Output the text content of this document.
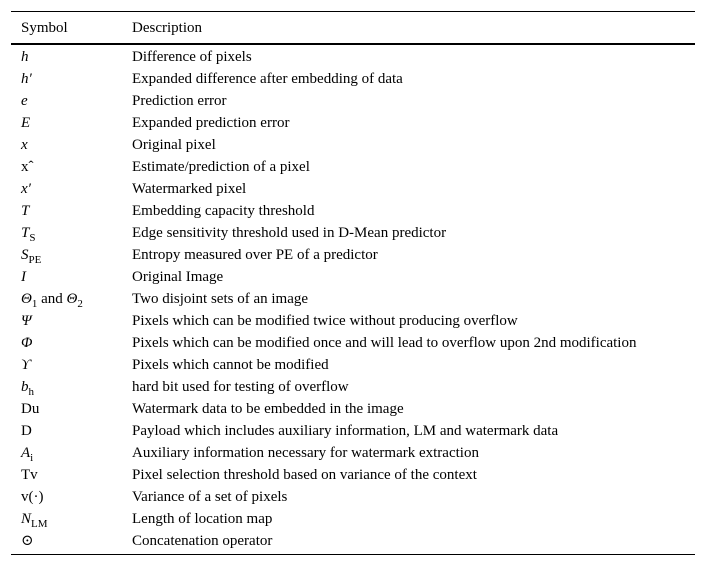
Symbol	Description
h	Difference of pixels
h′	Expanded difference after embedding of data
e	Prediction error
E	Expanded prediction error
x	Original pixel
xˆ	Estimate/prediction of a pixel
x′	Watermarked pixel
T	Embedding capacity threshold
$T_S$	Edge sensitivity threshold used in D-Mean predictor
$S_{PE}$	Entropy measured over PE of a predictor
I	Original Image
$\Theta_1$ and $\Theta_2$	Two disjoint sets of an image
Ψ	Pixels which can be modified twice without producing overflow
Φ	Pixels which can be modified once and will lead to overflow upon 2nd modification
ϒ	Pixels which cannot be modified
$b_h$	hard bit used for testing of overflow
Du	Watermark data to be embedded in the image
D	Payload which includes auxiliary information, LM and watermark data
$A_i$	Auxiliary information necessary for watermark extraction
Tv	Pixel selection threshold based on variance of the context
v(·)	Variance of a set of pixels
$N_{LM}$	Length of location map
⊙	Concatenation operator
